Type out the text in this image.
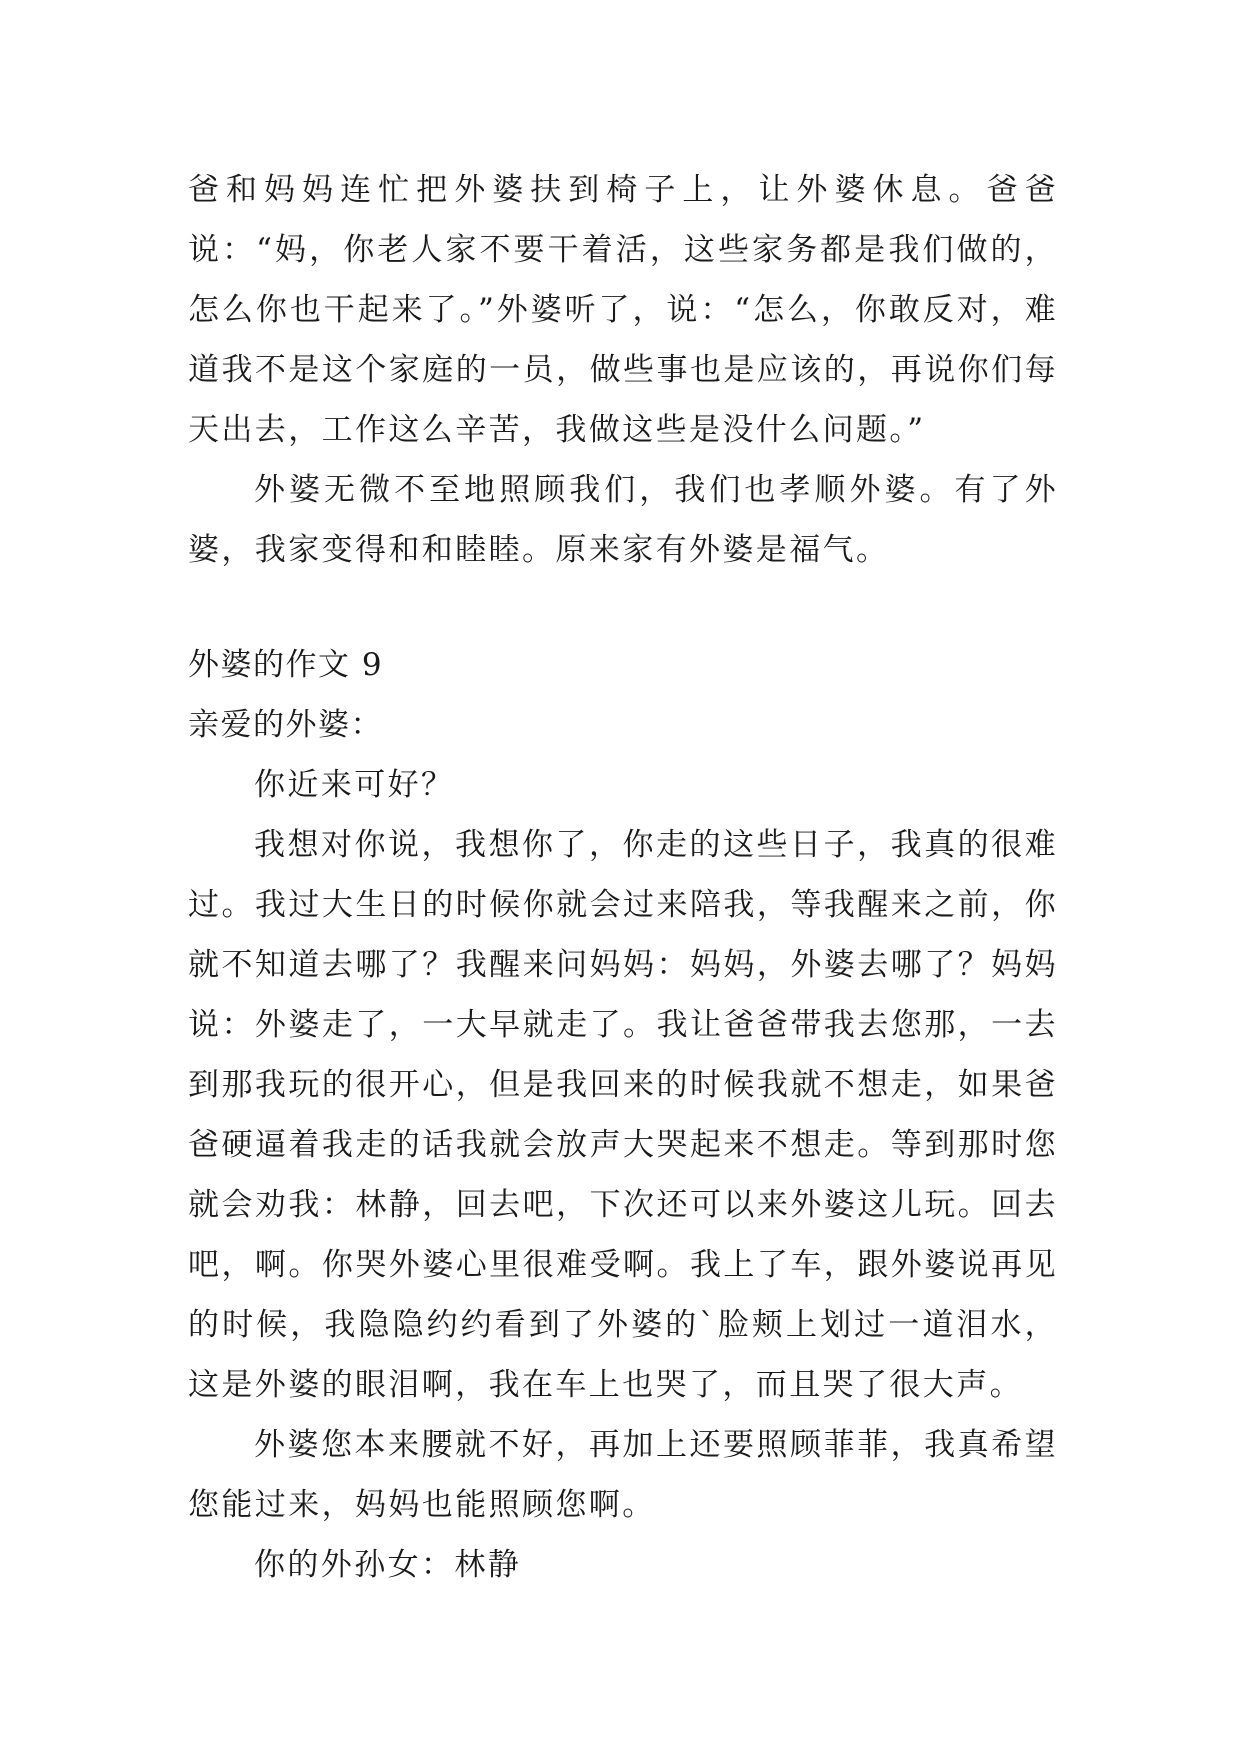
爸和妈妈连忙把外婆扶到椅子上，让外婆休息。爸爸说：“妈，你老人家不要干着活，这些家务都是我们做的，怎么你也干起来了。”外婆听了，说：“怎么，你敢反对，难道我不是这个家庭的一员，做些事也是应该的，再说你们每天出去，工作这么辛苦，我做这些是没什么问题。”

外婆无微不至地照顾我们，我们也孝顺外婆。有了外婆，我家变得和和睦睦。原来家有外婆是福气。

外婆的作文 9

亲爱的外婆：

你近来可好？

我想对你说，我想你了，你走的这些日子，我真的很难过。我过大生日的时候你就会过来陪我，等我醒来之前，你就不知道去哪了？我醒来问妈妈：妈妈，外婆去哪了？妈妈说：外婆走了，一大早就走了。我让爸爸带我去您那，一去到那我玩的很开心，但是我回来的时候我就不想走，如果爸爸硬逼着我走的话我就会放声大哭起来不想走。等到那时您就会劝我：林静，回去吧，下次还可以来外婆这儿玩。回去吧，啊。你哭外婆心里很难受啊。我上了车，跟外婆说再见的时候，我隐隐约约看到了外婆的`脸颊上划过一道泪水，这是外婆的眼泪啊，我在车上也哭了，而且哭了很大声。

外婆您本来腰就不好，再加上还要照顾菲菲，我真希望您能过来，妈妈也能照顾您啊。

你的外孙女：林静
